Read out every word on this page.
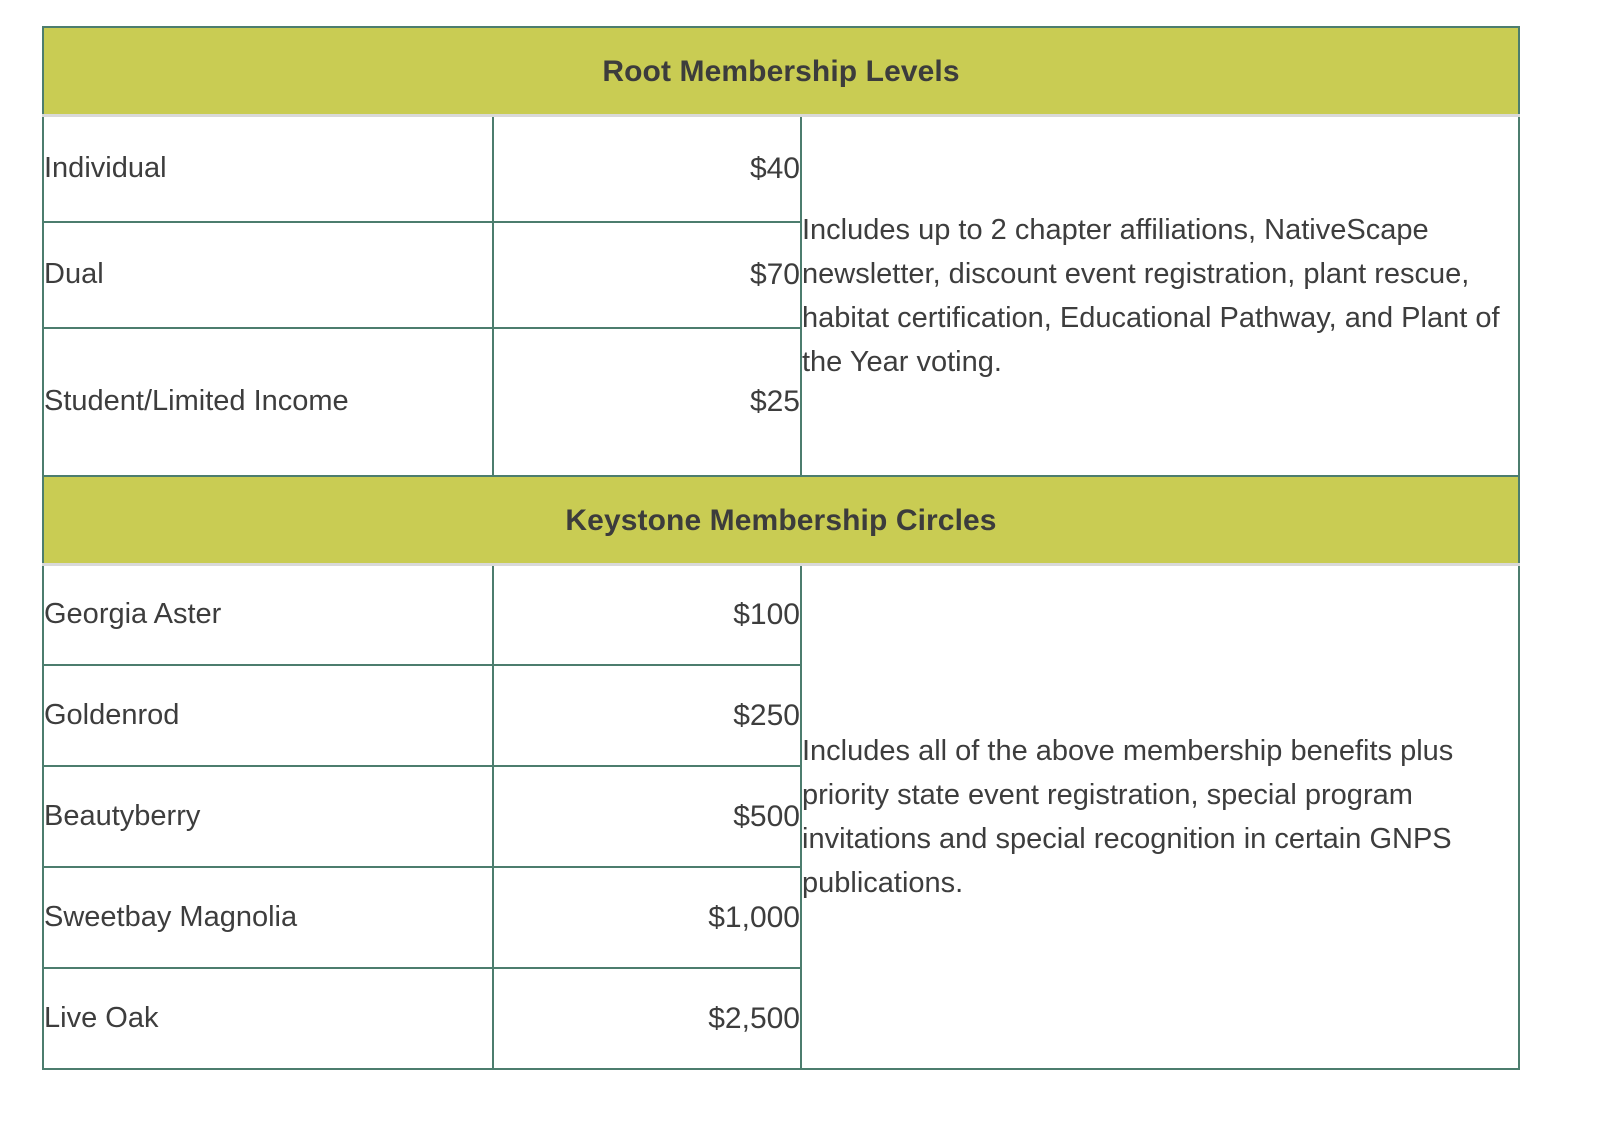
Root Membership Levels		

Individual	$40	Includes up to 2 chapter affiliations, NativeScape newsletter, discount event registration, plant rescue, habitat certification, Educational Pathway, and Plant of the Year voting.
Dual	$70	
Student/Limited Income	$25	

Keystone Membership Circles		

Georgia Aster	$100	Includes all of the above membership benefits plus priority state event registration, special program invitations and special recognition in certain GNPS publications.
Goldenrod	$250	
Beautyberry	$500	
Sweetbay Magnolia	$1,000	
Live Oak	$2,500	
